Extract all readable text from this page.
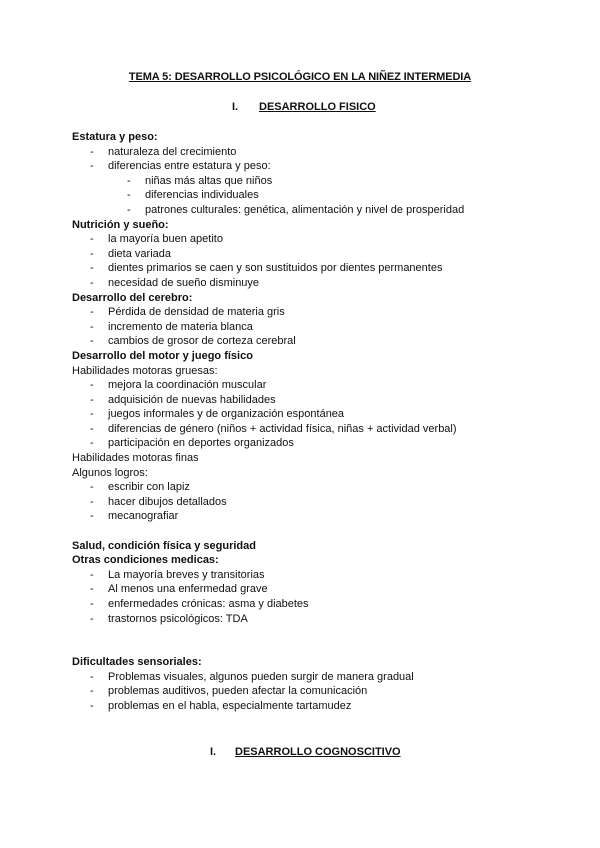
TEMA 5: DESARROLLO PSICOLÓGICO EN LA NIÑEZ INTERMEDIA
I. DESARROLLO FISICO
Estatura y peso:
- naturaleza del crecimiento
- diferencias entre estatura y peso:
- niñas más altas que niños
- diferencias individuales
- patrones culturales: genética, alimentación y nivel de prosperidad
Nutrición y sueño:
- la mayoría buen apetito
- dieta variada
- dientes primarios se caen y son sustituidos por dientes permanentes
- necesidad de sueño disminuye
Desarrollo del cerebro:
- Pérdida de densidad de materia gris
- incremento de materia blanca
- cambios de grosor de corteza cerebral
Desarrollo del motor y juego físico
Habilidades motoras gruesas:
- mejora la coordinación muscular
- adquisición de nuevas habilidades
- juegos informales y de organización espontánea
- diferencias de género (niños + actividad física, niñas + actividad verbal)
- participación en deportes organizados
Habilidades motoras finas
Algunos logros:
- escribir con lapiz
- hacer dibujos detallados
- mecanografiar
Salud, condición física y seguridad
Otras condiciones medicas:
- La mayoría breves y transitorias
- Al menos una enfermedad grave
- enfermedades crónicas: asma y diabetes
- trastornos psicológicos: TDA
Dificultades sensoriales:
- Problemas visuales, algunos pueden surgir de manera gradual
- problemas auditivos, pueden afectar la comunicación
- problemas en el habla, especialmente tartamudez
I. DESARROLLO COGNOSCITIVO
